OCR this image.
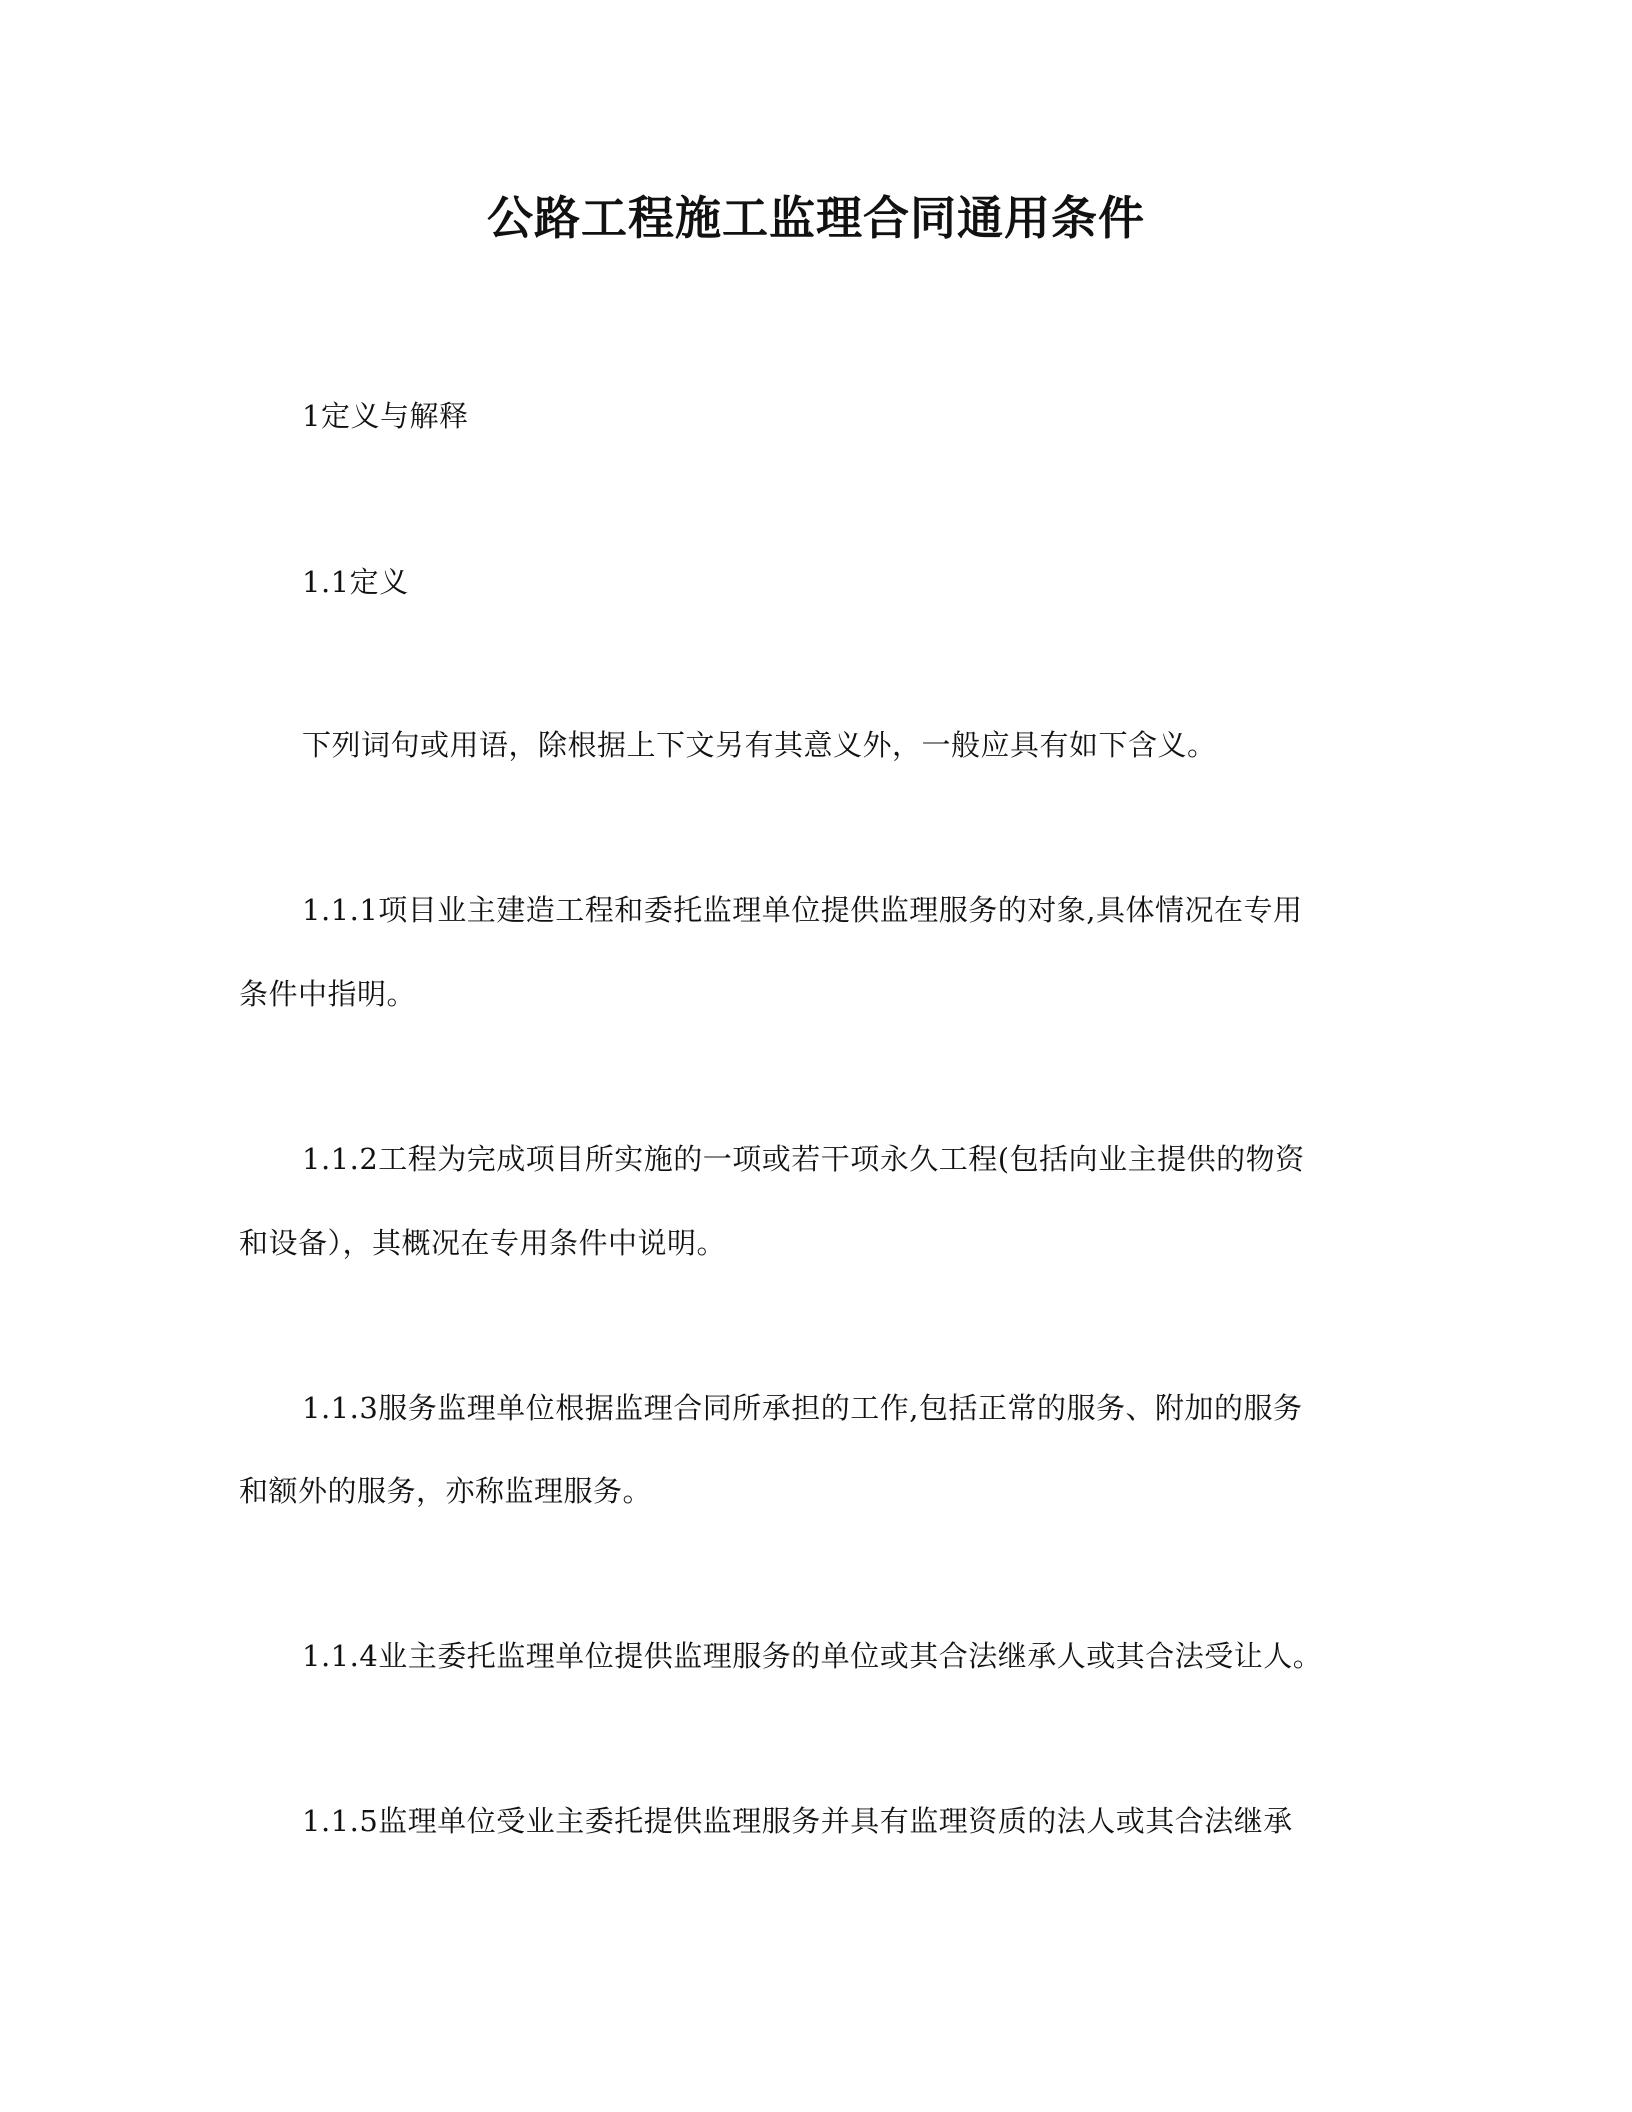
公路工程施工监理合同通用条件
1定义与解释
1.1定义
下列词句或用语，除根据上下文另有其意义外，一般应具有如下含义。
1.1.1项目业主建造工程和委托监理单位提供监理服务的对象,具体情况在专用
条件中指明。
1.1.2工程为完成项目所实施的一项或若干项永久工程(包括向业主提供的物资
和设备），其概况在专用条件中说明。
1.1.3服务监理单位根据监理合同所承担的工作,包括正常的服务、附加的服务
和额外的服务，亦称监理服务。
1.1.4业主委托监理单位提供监理服务的单位或其合法继承人或其合法受让人。
1.1.5监理单位受业主委托提供监理服务并具有监理资质的法人或其合法继承
